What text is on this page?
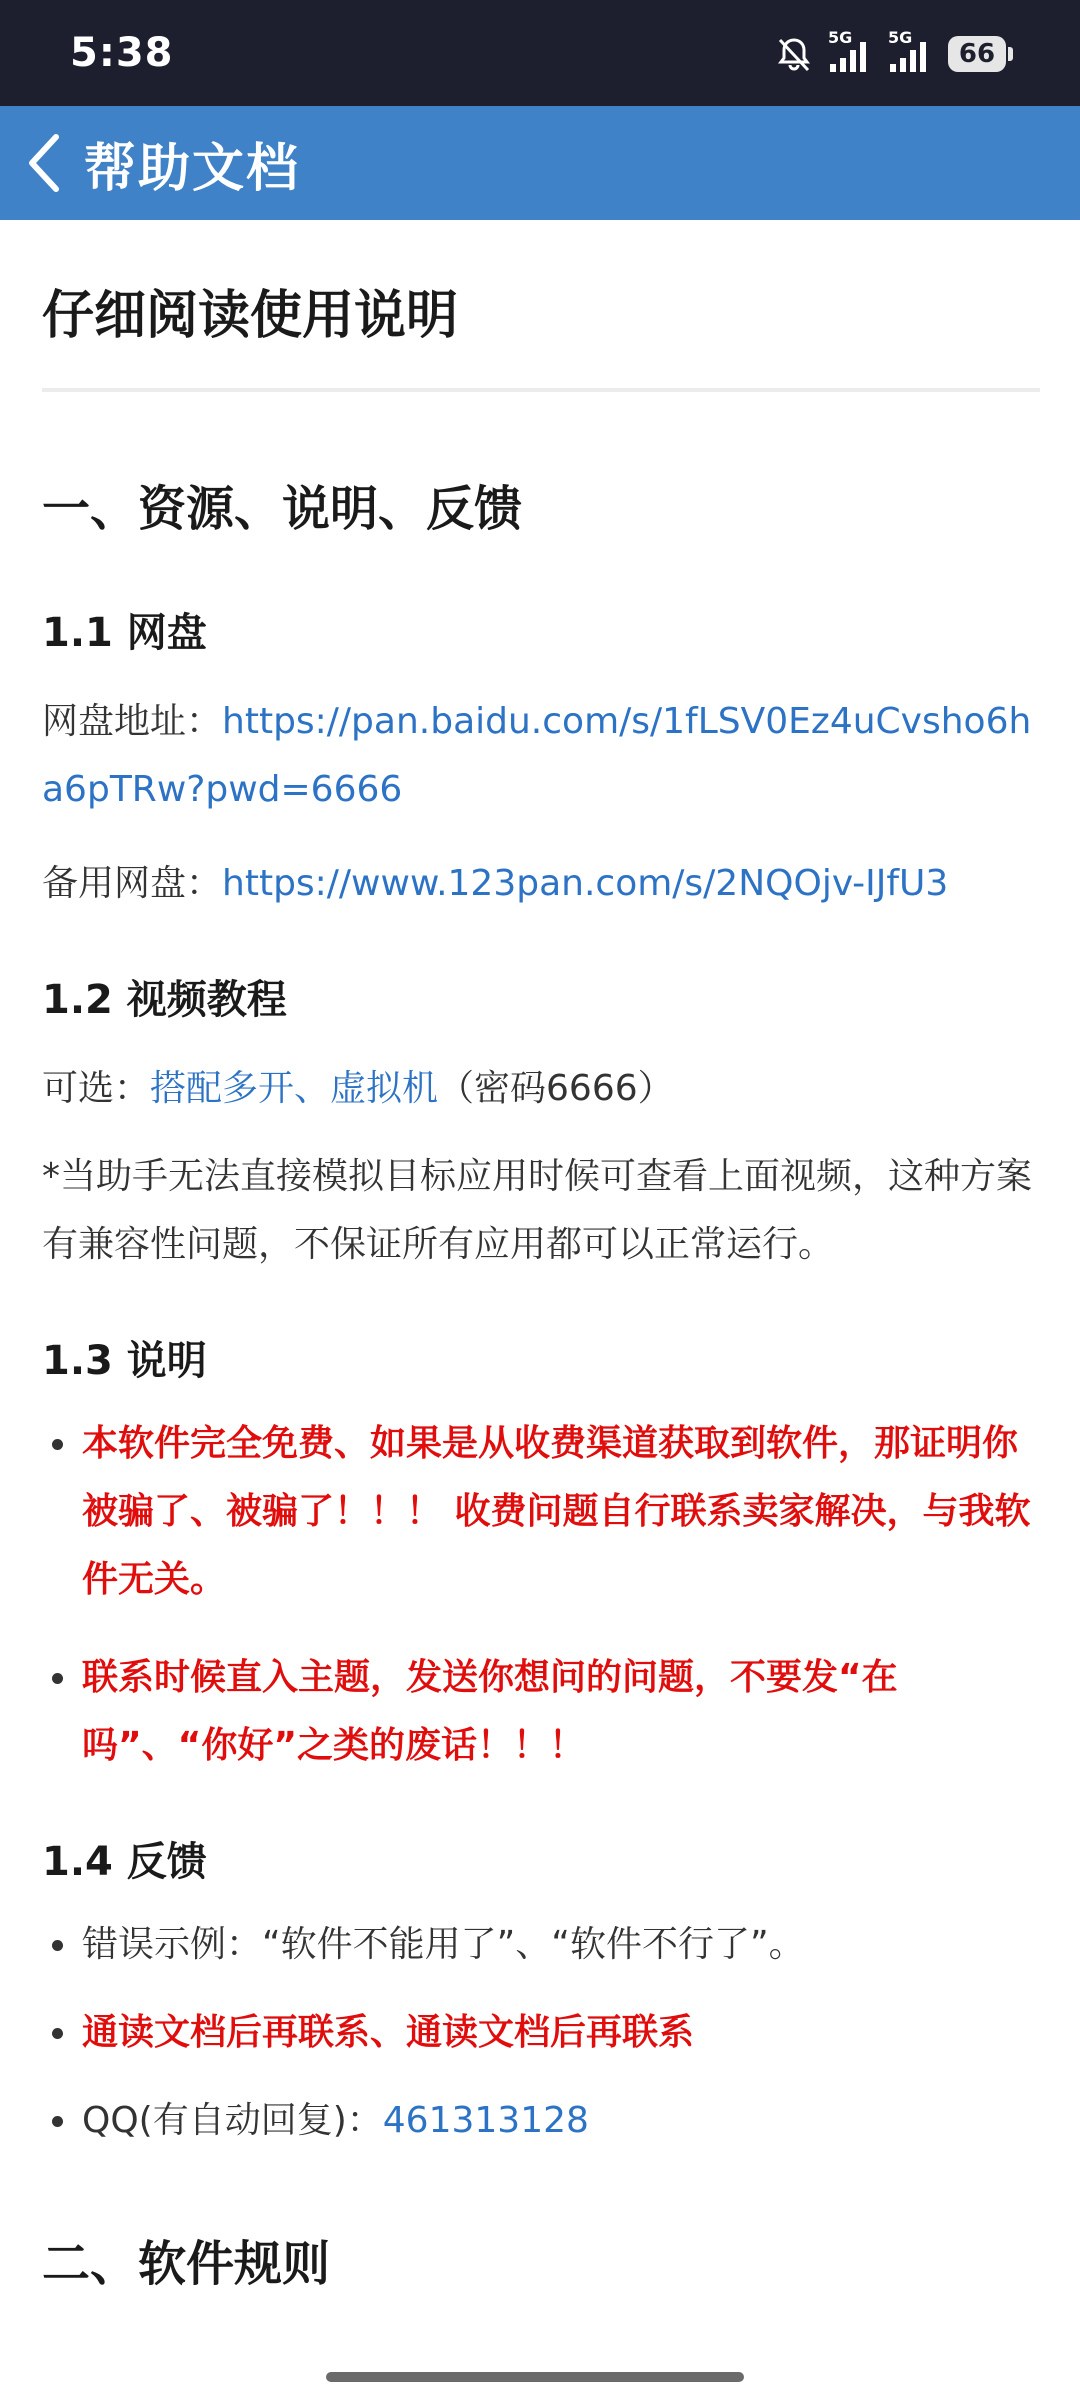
5:38	5G 5G
66
帮助文档
仔细阅读使用说明
一、资源、说明、反馈
1.1 网盘
网盘地址：https://pan.baidu.com/s/1fLSV0Ez4uCvsho6ha6pTRw?pwd=6666
备用网盘：https://www.123pan.com/s/2NQOjv-IJfU3
1.2 视频教程
可选：搭配多开、虚拟机（密码6666）
*当助手无法直接模拟目标应用时候可查看上面视频，这种方案有兼容性问题，不保证所有应用都可以正常运行。
1.3 说明
本软件完全免费、如果是从收费渠道获取到软件，那证明你被骗了、被骗了！！！ 收费问题自行联系卖家解决，与我软件无关。
联系时候直入主题，发送你想问的问题，不要发“在吗”、“你好”之类的废话！！！
1.4 反馈
错误示例：“软件不能用了”、“软件不行了”。
通读文档后再联系、通读文档后再联系
QQ(有自动回复)：461313128
二、软件规则
